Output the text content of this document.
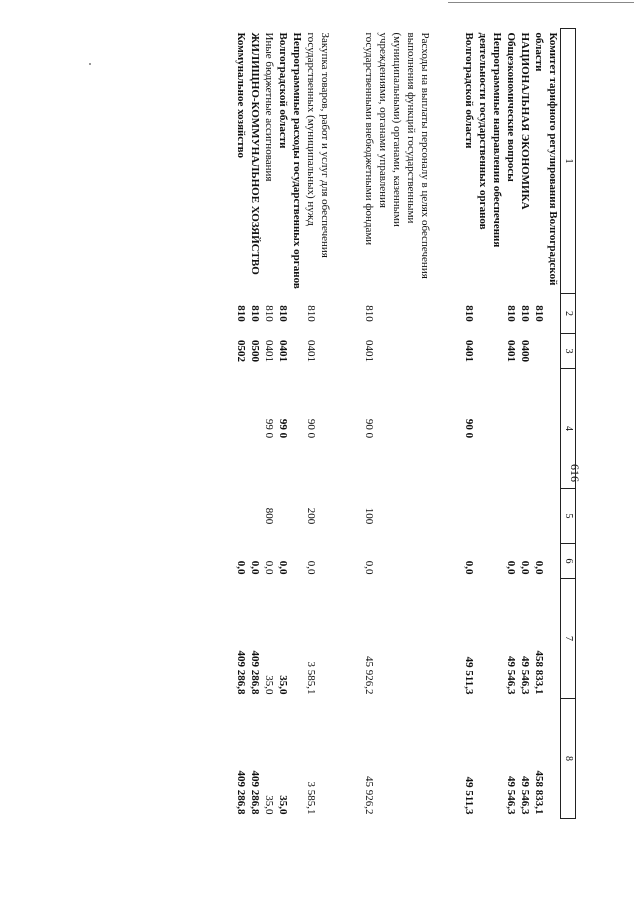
616
1	2	3	4	5	6	7	8
Комитет тарифного регулирования Волгоградской области	810				0,0	458 833,1	458 833,1
НАЦИОНАЛЬНАЯ ЭКОНОМИКА	810	0400			0,0	49 546,3	49 546,3
Общеэкономические вопросы	810	0401			0,0	49 546,3	49 546,3
Непрограммные направления обеспечения деятельности государственных органов Волгоградской области	810	0401	90 0		0,0	49 511,3	49 511,3

Расходы на выплаты персоналу в целях обеспечения выполнения функций государственными (муниципальными) органами, казенными учреждениями, органами управления государственными внебюджетными фондами	810	0401	90 0	100	0,0	45 926,2	45 926,2

Закупка товаров, работ и услуг для обеспечения государственных (муниципальных) нужд	810	0401	90 0	200	0,0	3 585,1	3 585,1
Непрограммные расходы государственных органов Волгоградской области	810	0401	99 0		0,0	35,0	35,0
Иные бюджетные ассигнования	810	0401	99 0	800	0,0	35,0	35,0
ЖИЛИЩНО-КОММУНАЛЬНОЕ ХОЗЯЙСТВО	810	0500			0,0	409 286,8	409 286,8
Коммунальное хозяйство	810	0502			0,0	409 286,8	409 286,8
